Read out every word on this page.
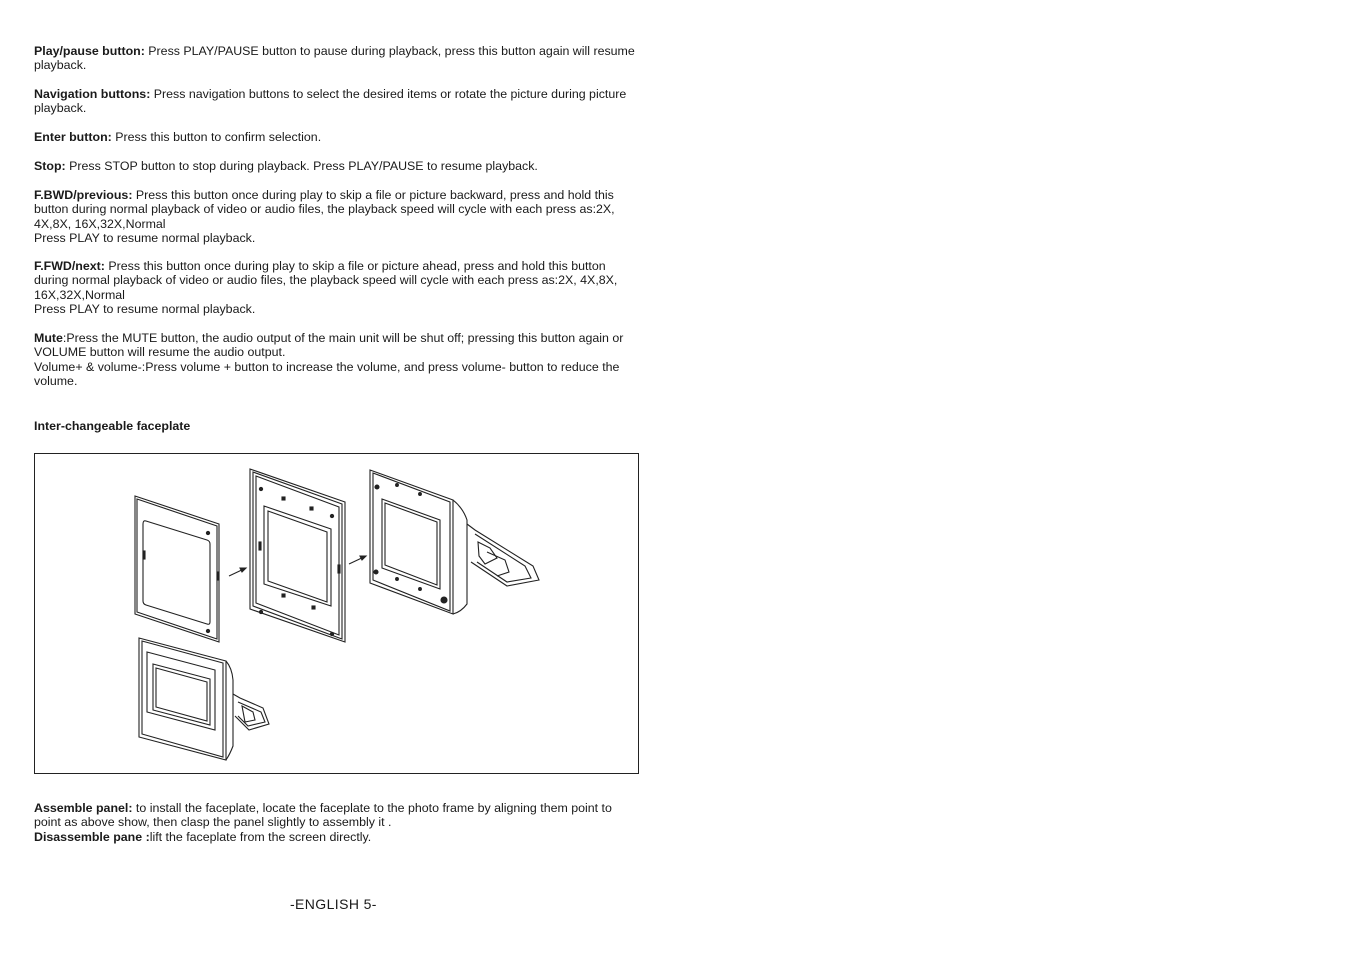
Play/pause button: Press PLAY/PAUSE button to pause during playback, press this button again will resume playback.

Navigation buttons: Press navigation buttons to select the desired items or rotate the picture during picture playback.

Enter button: Press this button to confirm selection.

Stop: Press STOP button to stop during playback. Press PLAY/PAUSE to resume playback.

F.BWD/previous: Press this button once during play to skip a file or picture backward, press and hold this button during normal playback of video or audio files, the playback speed will cycle with each press as:2X, 4X,8X, 16X,32X,Normal
Press PLAY to resume normal playback.
F.FWD/next: Press this button once during play to skip a file or picture ahead, press and hold this button during normal playback of video or audio files, the playback speed will cycle with each press as:2X, 4X,8X, 16X,32X,Normal
Press PLAY to resume normal playback.
Mute:Press the MUTE button, the audio output of the main unit will be shut off; pressing this button again or VOLUME button will resume the audio output.
Volume+ & volume-:Press volume + button to increase the volume, and press volume- button to reduce the volume.

Inter-changeable faceplate

Assemble panel: to install the faceplate, locate the faceplate to the photo frame by aligning them point to point as above show, then clasp the panel slightly to assembly it .
Disassemble pane :lift the faceplate from the screen directly.
-ENGLISH 5-
